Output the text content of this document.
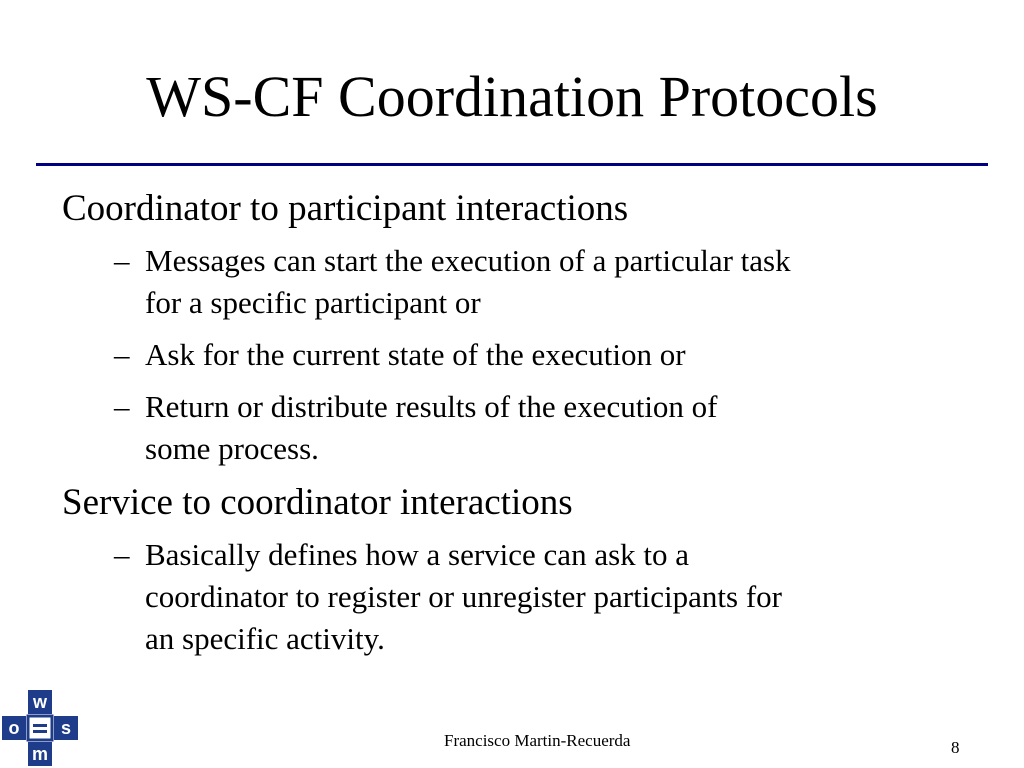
WS-CF Coordination Protocols
Coordinator to participant interactions
– Messages can start the execution of a particular task
for a specific participant or
– Ask for the current state of the execution or
– Return or distribute results of the execution of
some process.
Service to coordinator interactions
– Basically defines how a service can ask to a
coordinator to register or unregister participants for
an specific activity.
w
s
m
o
Francisco Martin-Recuerda	8
